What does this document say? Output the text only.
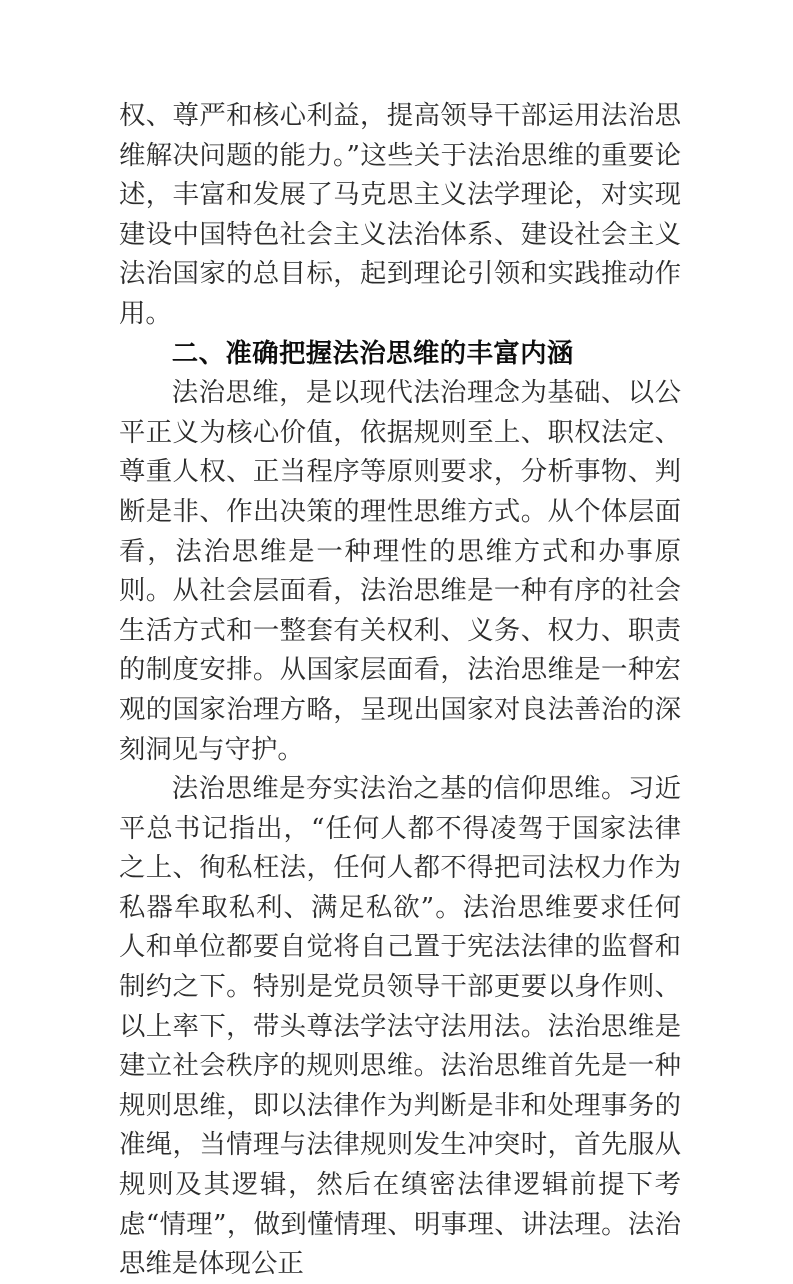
权、尊严和核心利益，提高领导干部运用法治思维解决问题的能力。”这些关于法治思维的重要论述，丰富和发展了马克思主义法学理论，对实现建设中国特色社会主义法治体系、建设社会主义法治国家的总目标，起到理论引领和实践推动作用。

二、准确把握法治思维的丰富内涵

法治思维，是以现代法治理念为基础、以公平正义为核心价值，依据规则至上、职权法定、尊重人权、正当程序等原则要求，分析事物、判断是非、作出决策的理性思维方式。从个体层面看，法治思维是一种理性的思维方式和办事原则。从社会层面看，法治思维是一种有序的社会生活方式和一整套有关权利、义务、权力、职责的制度安排。从国家层面看，法治思维是一种宏观的国家治理方略，呈现出国家对良法善治的深刻洞见与守护。

法治思维是夯实法治之基的信仰思维。习近平总书记指出，“任何人都不得凌驾于国家法律之上、徇私枉法，任何人都不得把司法权力作为私器牟取私利、满足私欲”。法治思维要求任何人和单位都要自觉将自己置于宪法法律的监督和制约之下。特别是党员领导干部更要以身作则、以上率下，带头尊法学法守法用法。法治思维是建立社会秩序的规则思维。法治思维首先是一种规则思维，即以法律作为判断是非和处理事务的准绳，当情理与法律规则发生冲突时，首先服从规则及其逻辑，然后在缜密法律逻辑前提下考虑“情理”，做到懂情理、明事理、讲法理。法治思维是体现公正
